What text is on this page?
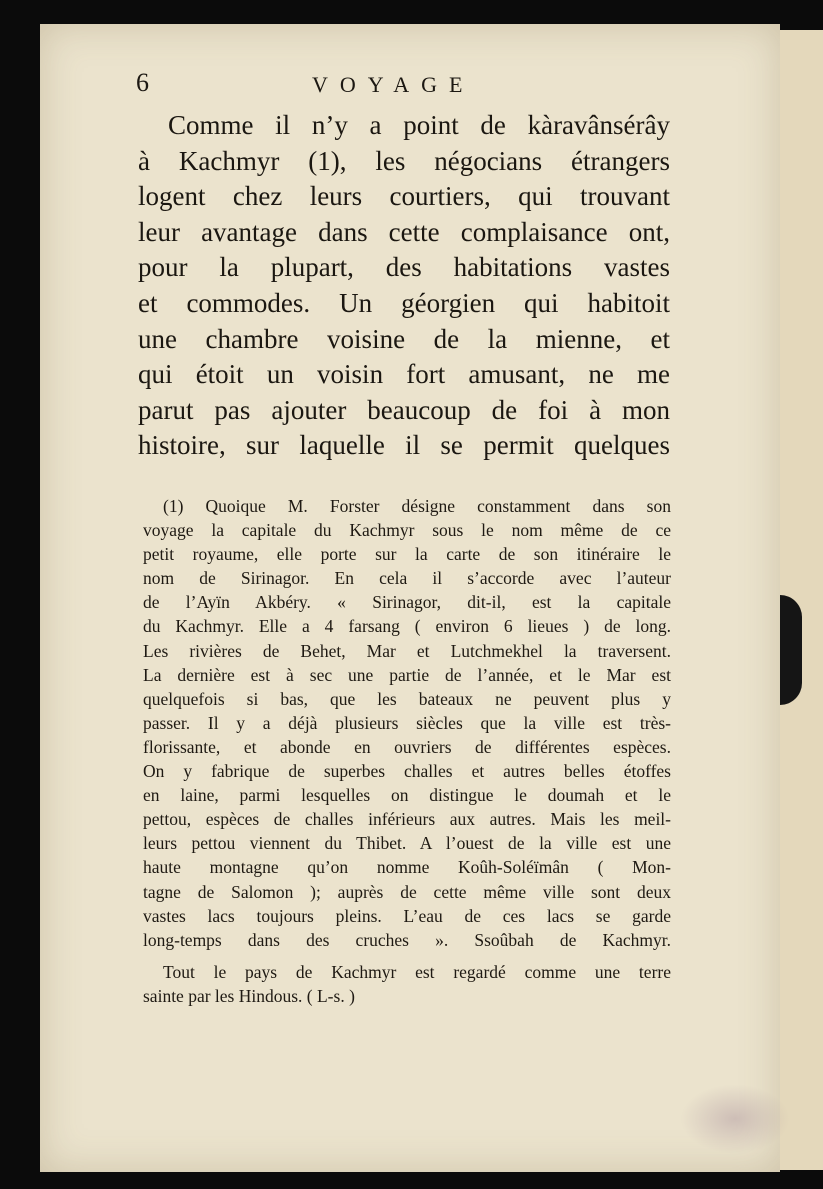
6	VOYAGE
Comme il n’y a point de kàravânsérây
à Kachmyr (1), les négocians étrangers
logent chez leurs courtiers, qui trouvant
leur avantage dans cette complaisance ont,
pour la plupart, des habitations vastes
et commodes. Un géorgien qui habitoit
une chambre voisine de la mienne, et
qui étoit un voisin fort amusant, ne me
parut pas ajouter beaucoup de foi à mon
histoire, sur laquelle il se permit quelques
(1) Quoique M. Forster désigne constamment dans son
voyage la capitale du Kachmyr sous le nom même de ce
petit royaume, elle porte sur la carte de son itinéraire le
nom de Sirinagor. En cela il s’accorde avec l’auteur
de l’Ayïn Akbéry. « Sirinagor, dit-il, est la capitale
du Kachmyr. Elle a 4 farsang ( environ 6 lieues ) de long.
Les rivières de Behet, Mar et Lutchmekhel la traversent.
La dernière est à sec une partie de l’année, et le Mar est
quelquefois si bas, que les bateaux ne peuvent plus y
passer. Il y a déjà plusieurs siècles que la ville est très-
florissante, et abonde en ouvriers de différentes espèces.
On y fabrique de superbes challes et autres belles étoffes
en laine, parmi lesquelles on distingue le doumah et le
pettou, espèces de challes inférieurs aux autres. Mais les meil-
leurs pettou viennent du Thibet. A l’ouest de la ville est une
haute montagne qu’on nomme Koûh-Soléïmân ( Mon-
tagne de Salomon ); auprès de cette même ville sont deux
vastes lacs toujours pleins. L’eau de ces lacs se garde
long-temps dans des cruches ». Ssoûbah de Kachmyr.
Tout le pays de Kachmyr est regardé comme une terre
sainte par les Hindous. ( L-s. )
